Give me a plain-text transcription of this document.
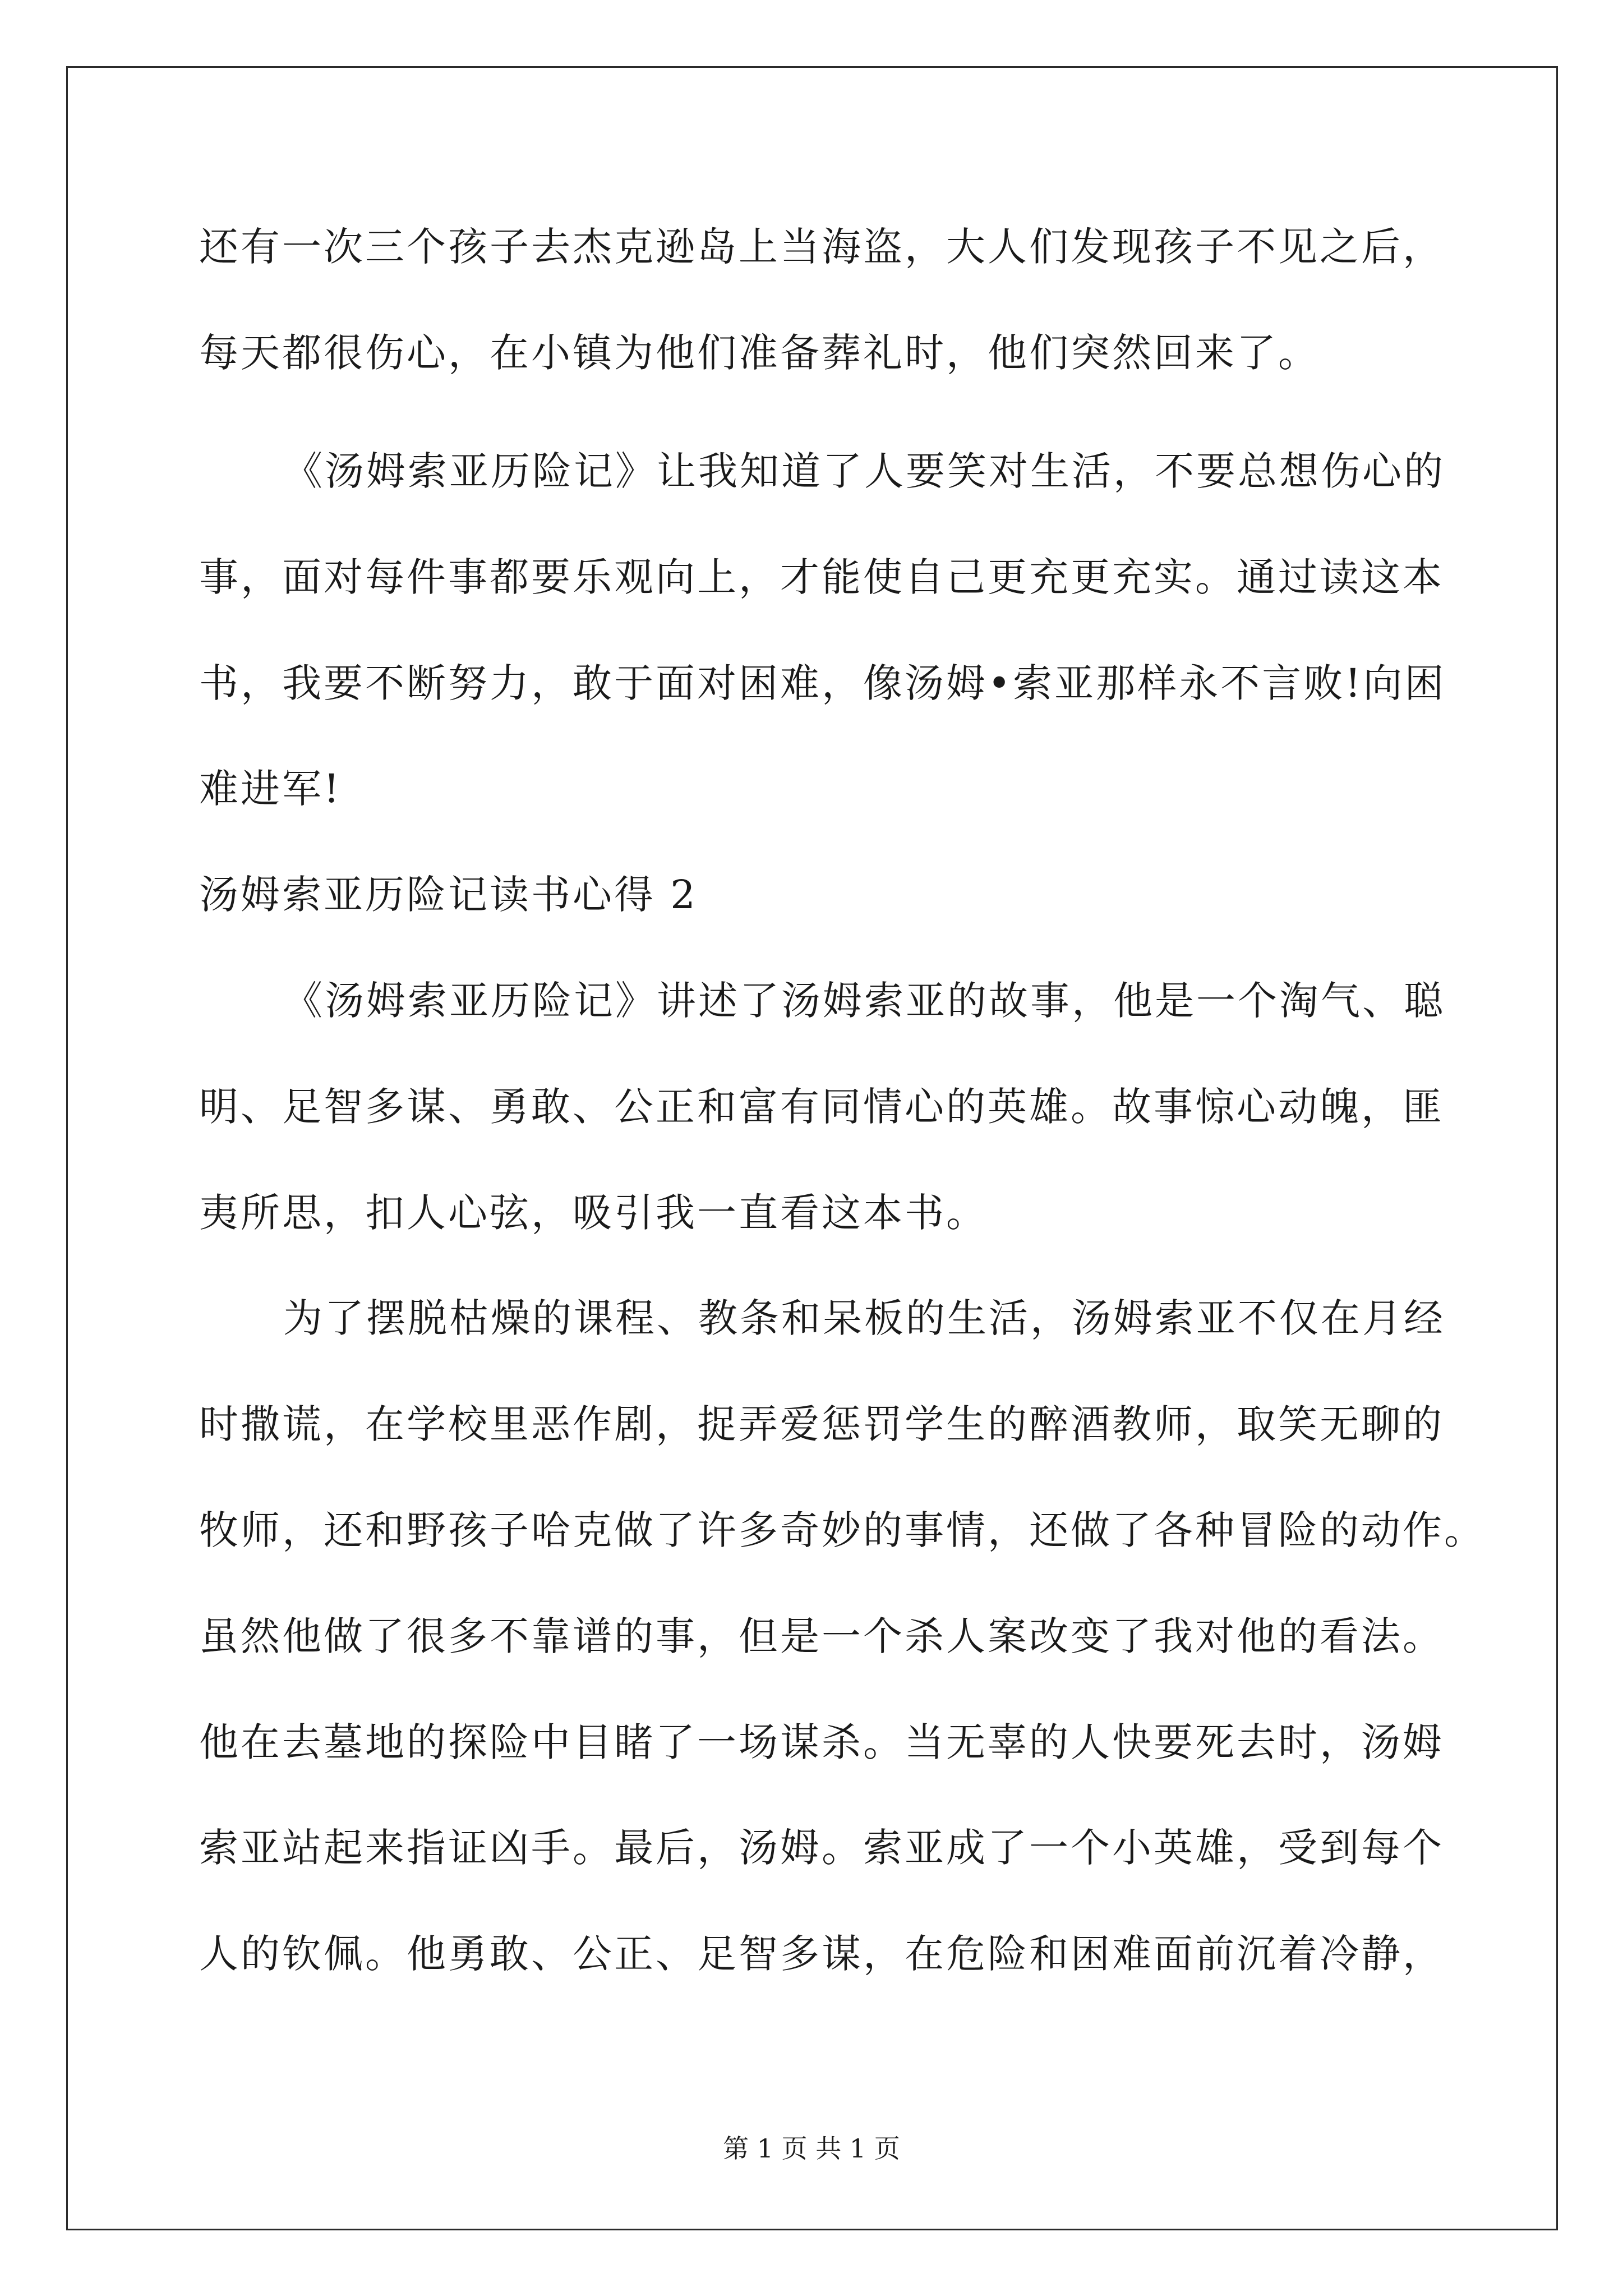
还有一次三个孩子去杰克逊岛上当海盗，大人们发现孩子不见之后，
每天都很伤心，在小镇为他们准备葬礼时，他们突然回来了。
《汤姆索亚历险记》让我知道了人要笑对生活，不要总想伤心的
事，面对每件事都要乐观向上，才能使自己更充更充实。通过读这本
书，我要不断努力，敢于面对困难，像汤姆•索亚那样永不言败!向困
难进军!
汤姆索亚历险记读书心得 2
《汤姆索亚历险记》讲述了汤姆索亚的故事，他是一个淘气、聪
明、足智多谋、勇敢、公正和富有同情心的英雄。故事惊心动魄，匪
夷所思，扣人心弦，吸引我一直看这本书。
为了摆脱枯燥的课程、教条和呆板的生活，汤姆索亚不仅在月经
时撒谎，在学校里恶作剧，捉弄爱惩罚学生的醉酒教师，取笑无聊的
牧师，还和野孩子哈克做了许多奇妙的事情，还做了各种冒险的动作。
虽然他做了很多不靠谱的事，但是一个杀人案改变了我对他的看法。
他在去墓地的探险中目睹了一场谋杀。当无辜的人快要死去时，汤姆
索亚站起来指证凶手。最后，汤姆。索亚成了一个小英雄，受到每个
人的钦佩。他勇敢、公正、足智多谋，在危险和困难面前沉着冷静，
第 1 页 共 1 页
